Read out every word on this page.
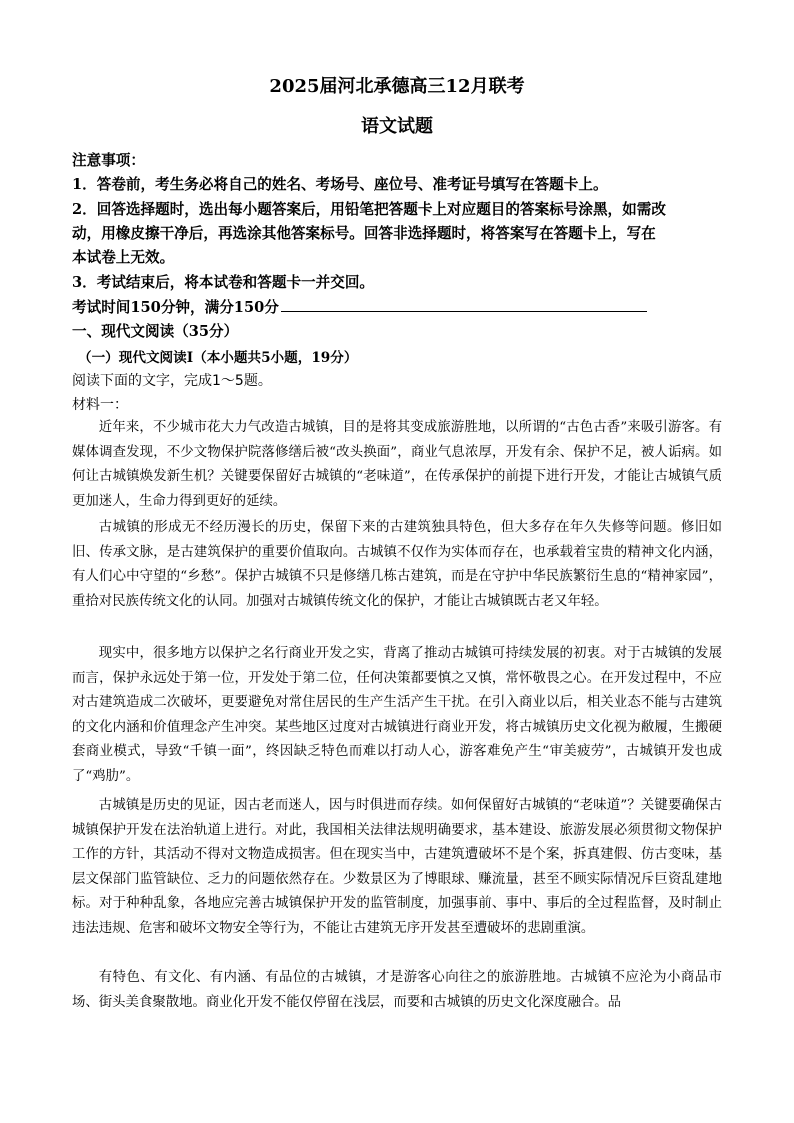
2025届河北承德高三12月联考
语文试题
注意事项：
1．答卷前，考生务必将自己的姓名、考场号、座位号、准考证号填写在答题卡上。
2．回答选择题时，选出每小题答案后，用铅笔把答题卡上对应题目的答案标号涂黑，如需改
动，用橡皮擦干净后，再选涂其他答案标号。回答非选择题时，将答案写在答题卡上，写在
本试卷上无效。
3．考试结束后，将本试卷和答题卡一并交回。
考试时间150分钟，满分150分
一、现代文阅读（35分）
（一）现代文阅读Ⅰ（本小题共5小题，19分）
阅读下面的文字，完成1～5题。
材料一：

近年来，不少城市花大力气改造古城镇，目的是将其变成旅游胜地，以所谓的“古色古香”来吸引游客。有媒体调查发现，不少文物保护院落修缮后被“改头换面”，商业气息浓厚，开发有余、保护不足，被人诟病。如何让古城镇焕发新生机？关键要保留好古城镇的“老味道”，在传承保护的前提下进行开发，才能让古城镇气质更加迷人，生命力得到更好的延续。

古城镇的形成无不经历漫长的历史，保留下来的古建筑独具特色，但大多存在年久失修等问题。修旧如旧、传承文脉，是古建筑保护的重要价值取向。古城镇不仅作为实体而存在，也承载着宝贵的精神文化内涵，有人们心中守望的“乡愁”。保护古城镇不只是修缮几栋古建筑，而是在守护中华民族繁衍生息的“精神家园”，重拾对民族传统文化的认同。加强对古城镇传统文化的保护，才能让古城镇既古老又年轻。

现实中，很多地方以保护之名行商业开发之实，背离了推动古城镇可持续发展的初衷。对于古城镇的发展而言，保护永远处于第一位，开发处于第二位，任何决策都要慎之又慎，常怀敬畏之心。在开发过程中，不应对古建筑造成二次破坏，更要避免对常住居民的生产生活产生干扰。在引入商业以后，相关业态不能与古建筑的文化内涵和价值理念产生冲突。某些地区过度对古城镇进行商业开发，将古城镇历史文化视为敝履，生搬硬套商业模式，导致“千镇一面”，终因缺乏特色而难以打动人心，游客难免产生“审美疲劳”，古城镇开发也成了“鸡肋”。

古城镇是历史的见证，因古老而迷人，因与时俱进而存续。如何保留好古城镇的“老味道”？关键要确保古城镇保护开发在法治轨道上进行。对此，我国相关法律法规明确要求，基本建设、旅游发展必须贯彻文物保护工作的方针，其活动不得对文物造成损害。但在现实当中，古建筑遭破坏不是个案，拆真建假、仿古变味，基层文保部门监管缺位、乏力的问题依然存在。少数景区为了博眼球、赚流量，甚至不顾实际情况斥巨资乱建地标。对于种种乱象，各地应完善古城镇保护开发的监管制度，加强事前、事中、事后的全过程监督，及时制止违法违规、危害和破坏文物安全等行为，不能让古建筑无序开发甚至遭破坏的悲剧重演。

有特色、有文化、有内涵、有品位的古城镇，才是游客心向往之的旅游胜地。古城镇不应沦为小商品市场、街头美食聚散地。商业化开发不能仅停留在浅层，而要和古城镇的历史文化深度融合。品
